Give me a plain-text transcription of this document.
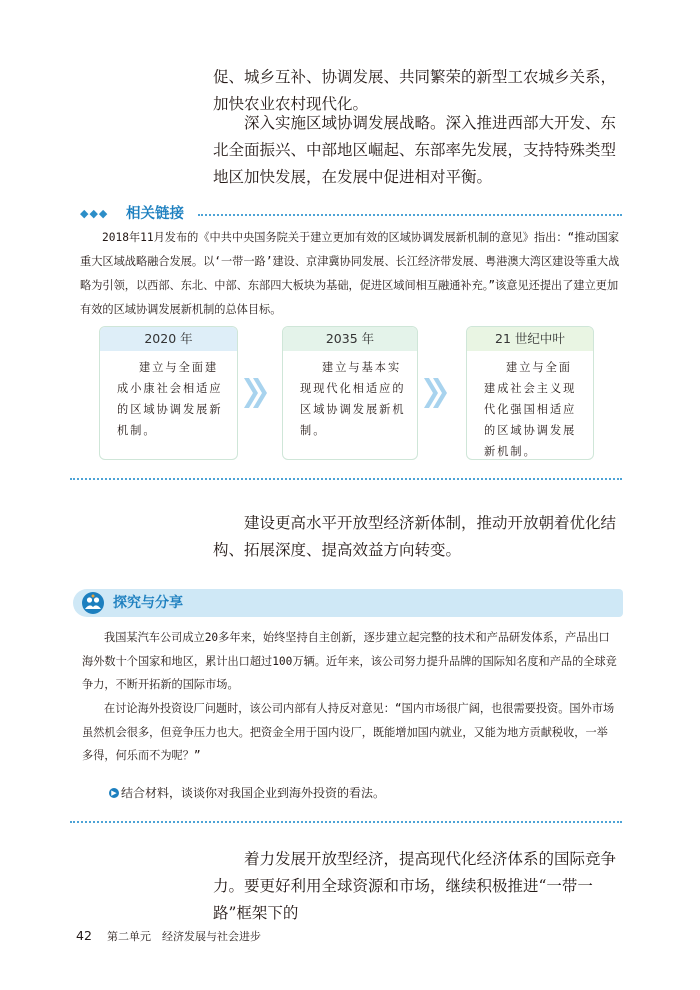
促、城乡互补、协调发展、共同繁荣的新型工农城乡关系，加快农业农村现代化。

深入实施区域协调发展战略。深入推进西部大开发、东北全面振兴、中部地区崛起、东部率先发展，支持特殊类型地区加快发展，在发展中促进相对平衡。

◆◆◆ 相关链接

2018年11月发布的《中共中央国务院关于建立更加有效的区域协调发展新机制的意见》指出：“推动国家重大区域战略融合发展。以‘一带一路’建设、京津冀协同发展、长江经济带发展、粤港澳大湾区建设等重大战略为引领，以西部、东北、中部、东部四大板块为基础，促进区域间相互融通补充。”该意见还提出了建立更加有效的区域协调发展新机制的总体目标。

2020 年
建立与全面建成小康社会相适应的区域协调发展新机制。
2035 年
建立与基本实现现代化相适应的区域协调发展新机制。
21 世纪中叶
建立与全面建成社会主义现代化强国相适应的区域协调发展新机制。

建设更高水平开放型经济新体制，推动开放朝着优化结构、拓展深度、提高效益方向转变。

探究与分享

我国某汽车公司成立20多年来，始终坚持自主创新，逐步建立起完整的技术和产品研发体系，产品出口海外数十个国家和地区，累计出口超过100万辆。近年来，该公司努力提升品牌的国际知名度和产品的全球竞争力，不断开拓新的国际市场。

在讨论海外投资设厂问题时，该公司内部有人持反对意见：“国内市场很广阔，也很需要投资。国外市场虽然机会很多，但竞争压力也大。把资金全用于国内设厂，既能增加国内就业，又能为地方贡献税收，一举多得，何乐而不为呢？”

▶ 结合材料，谈谈你对我国企业到海外投资的看法。

着力发展开放型经济，提高现代化经济体系的国际竞争力。要更好利用全球资源和市场，继续积极推进“一带一路”框架下的

42 第二单元　经济发展与社会进步
